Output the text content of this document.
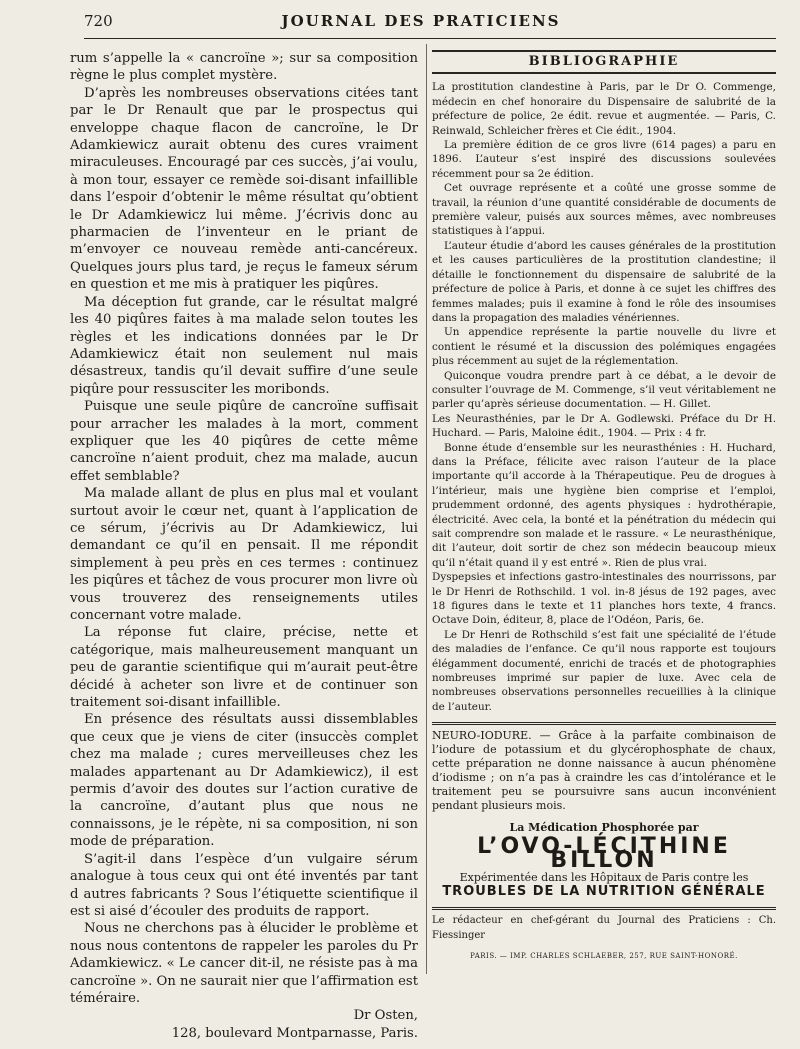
720	JOURNAL DES PRATICIENS

rum s’appelle la « cancroïne »; sur sa composition règne le plus complet mystère.

D’après les nombreuses observations citées tant par le Dr Renault que par le prospectus qui enveloppe chaque flacon de cancroïne, le Dr Adamkiewicz aurait obtenu des cures vraiment miraculeuses. Encouragé par ces succès, j’ai voulu, à mon tour, essayer ce remède soi-disant infaillible dans l’espoir d’obtenir le même résultat qu’obtient le Dr Adamkiewicz lui même. J’écrivis donc au pharmacien de l’inventeur en le priant de m’envoyer ce nouveau remède anti-cancéreux. Quelques jours plus tard, je reçus le fameux sérum en question et me mis à pratiquer les piqûres.

Ma déception fut grande, car le résultat malgré les 40 piqûres faites à ma malade selon toutes les règles et les indications données par le Dr Adamkiewicz était non seulement nul mais désastreux, tandis qu’il devait suffire d’une seule piqûre pour ressusciter les moribonds.

Puisque une seule piqûre de cancroïne suffisait pour arracher les malades à la mort, comment expliquer que les 40 piqûres de cette même cancroïne n’aient produit, chez ma malade, aucun effet semblable?

Ma malade allant de plus en plus mal et voulant surtout avoir le cœur net, quant à l’application de ce sérum, j’écrivis au Dr Adamkiewicz, lui demandant ce qu’il en pensait. Il me répondit simplement à peu près en ces termes : continuez les piqûres et tâchez de vous procurer mon livre où vous trouverez des renseignements utiles concernant votre malade.

La réponse fut claire, précise, nette et catégorique, mais malheureusement manquant un peu de garantie scientifique qui m’aurait peut-être décidé à acheter son livre et de continuer son traitement soi-disant infaillible.

En présence des résultats aussi dissemblables que ceux que je viens de citer (insuccès complet chez ma malade ; cures merveilleuses chez les malades appartenant au Dr Adamkiewicz), il est permis d’avoir des doutes sur l’action curative de la cancroïne, d’autant plus que nous ne connaissons, je le répète, ni sa composition, ni son mode de préparation.

S’agit-il dans l’espèce d’un vulgaire sérum analogue à tous ceux qui ont été inventés par tant d autres fabricants ? Sous l’étiquette scientifique il est si aisé d’écouler des produits de rapport.

Nous ne cherchons pas à élucider le problème et nous nous contentons de rappeler les paroles du Pr Adamkiewicz. « Le cancer dit-il, ne résiste pas à ma cancroïne ». On ne saurait nier que l’affirmation est téméraire.

Dr Osten,
128, boulevard Montparnasse, Paris.
BIBLIOGRAPHIE

La prostitution clandestine à Paris, par le Dr O. Commenge, médecin en chef honoraire du Dispensaire de salubrité de la préfecture de police, 2e édit. revue et augmentée. — Paris, C. Reinwald, Schleicher frères et Cie édit., 1904.

La première édition de ce gros livre (614 pages) a paru en 1896. L’auteur s’est inspiré des discussions soulevées récemment pour sa 2e édition.

Cet ouvrage représente et a coûté une grosse somme de travail, la réunion d’une quantité considérable de documents de première valeur, puisés aux sources mêmes, avec nombreuses statistiques à l’appui.

L’auteur étudie d’abord les causes générales de la prostitution et les causes particulières de la prostitution clandestine; il détaille le fonctionnement du dispensaire de salubrité de la préfecture de police à Paris, et donne à ce sujet les chiffres des femmes malades; puis il examine à fond le rôle des insoumises dans la propagation des maladies vénériennes.

Un appendice représente la partie nouvelle du livre et contient le résumé et la discussion des polémiques engagées plus récemment au sujet de la réglementation.

Quiconque voudra prendre part à ce débat, a le devoir de consulter l’ouvrage de M. Commenge, s’il veut véritablement ne parler qu’après sérieuse documentation. — H. Gillet.

Les Neurasthénies, par le Dr A. Godlewski. Préface du Dr H. Huchard. — Paris, Maloine édit., 1904. — Prix : 4 fr.

Bonne étude d’ensemble sur les neurasthénies : H. Huchard, dans la Préface, félicite avec raison l’auteur de la place importante qu’il accorde à la Thérapeutique. Peu de drogues à l’intérieur, mais une hygiène bien comprise et l’emploi, prudemment ordonné, des agents physiques : hydrothérapie, électricité. Avec cela, la bonté et la pénétration du médecin qui sait comprendre son malade et le rassure. « Le neurasthénique, dit l’auteur, doit sortir de chez son médecin beaucoup mieux qu’il n’était quand il y est entré ». Rien de plus vrai.

Dyspepsies et infections gastro-intestinales des nourrissons, par le Dr Henri de Rothschild. 1 vol. in-8 jésus de 192 pages, avec 18 figures dans le texte et 11 planches hors texte, 4 francs. Octave Doin, éditeur, 8, place de l’Odéon, Paris, 6e.

Le Dr Henri de Rothschild s’est fait une spécialité de l’étude des maladies de l’enfance. Ce qu’il nous rapporte est toujours élégamment documenté, enrichi de tracés et de photographies nombreuses imprimé sur papier de luxe. Avec cela de nombreuses observations personnelles recueillies à la clinique de l’auteur.

NEURO-IODURE. — Grâce à la parfaite combinaison de l’iodure de potassium et du glycérophosphate de chaux, cette préparation ne donne naissance à aucun phénomène d’iodisme ; on n’a pas à craindre les cas d’intolérance et le traitement peu se poursuivre sans aucun inconvénient pendant plusieurs mois.
La Médication Phosphorée par
L’OVO-LÉCITHINE BILLON
Expérimentée dans les Hôpitaux de Paris contre les
TROUBLES DE LA NUTRITION GÉNÉRALE
Le rédacteur en chef-gérant du Journal des Praticiens : Ch. Fiessinger
PARIS. — IMP. CHARLES SCHLAEBER, 257, RUE SAINT-HONORÉ.
